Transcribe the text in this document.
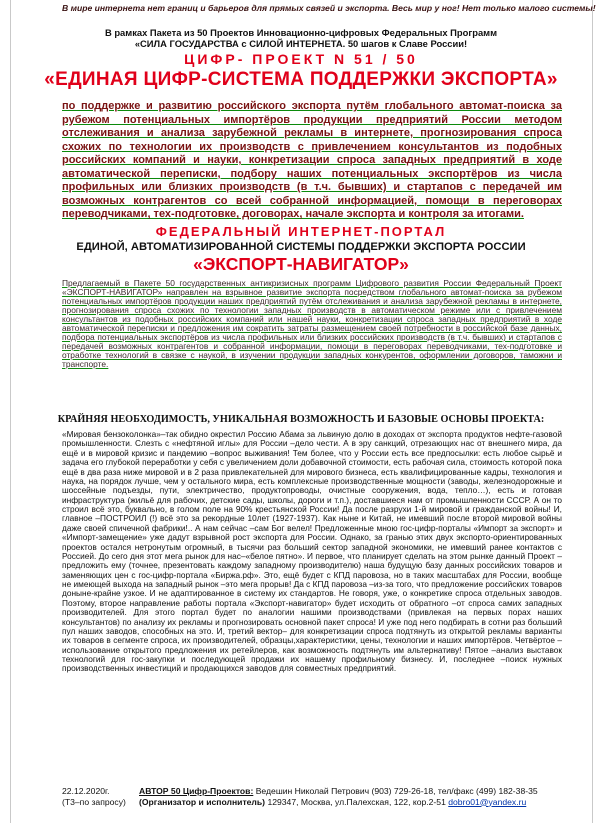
В мире интернета нет границ и барьеров для прямых связей и экспорта. Весь мир у ног! Нет только малого системы!
В рамках Пакета из 50 Проектов Инновационно-цифровых Федеральных Программ
«СИЛА ГОСУДАРСТВА с СИЛОЙ ИНТЕРНЕТА. 50 шагов к Славе России!
ЦИФР- ПРОЕКТ N 51 / 50
«ЕДИНАЯ ЦИФР-СИСТЕМА ПОДДЕРЖКИ ЭКСПОРТА»
по поддержке и развитию российского экспорта путём глобального автомат-поиска за рубежом потенциальных импортёров продукции предприятий России методом отслеживания и анализа зарубежной рекламы в интернете, прогнозирования спроса схожих по технологии их производств с привлечением консультантов из подобных российских компаний и науки, конкретизации спроса западных предприятий в ходе автоматической переписки, подбору наших потенциальных экспортёров из числа профильных или близких производств (в т.ч. бывших) и стартапов с передачей им возможных контрагентов со всей собранной информацией, помощи в переговорах переводчиками, тех-подготовке, договорах, начале экспорта и контроля за итогами.
ФЕДЕРАЛЬНЫЙ ИНТЕРНЕТ-ПОРТАЛ
ЕДИНОЙ, АВТОМАТИЗИРОВАННОЙ СИСТЕМЫ ПОДДЕРЖКИ ЭКСПОРТА РОССИИ
«ЭКСПОРТ-НАВИГАТОР»
Предлагаемый в Пакете 50 государственных антикризисных программ Цифрового развития России Федеральный Проект «ЭКСПОРТ-НАВИГАТОР» направлен на взрывное развитие экспорта посредством глобального автомат-поиска за рубежом потенциальных импортёров продукции наших предприятий путём отслеживания и анализа зарубежной рекламы в интернете, прогнозирования спроса схожих по технологии западных производств в автоматическом режиме или с привлечением консультантов из подобных российских компаний или нашей науки, конкретизации спроса западных предприятий в ходе автоматической переписки и предложения им сократить затраты размещением своей потребности в российской базе данных, подбора потенциальных экспортёров из числа профильных или близких российских производств (в т.ч. бывших) и стартапов с передачей возможных контрагентов и собранной информации, помощи в переговорах переводчиками, тех-подготовке и отработке технологий в связке с наукой, в изучении продукции западных конкурентов, оформлении договоров, таможни и транспорте.
КРАЙНЯЯ НЕОБХОДИМОСТЬ, УНИКАЛЬНАЯ ВОЗМОЖНОСТЬ И БАЗОВЫЕ ОСНОВЫ ПРОЕКТА:
«Мировая бензоколонка»–так обидно окрестил Россию Абама за львиную долю в доходах от экспорта продуктов нефте-газовой промышленности. Слезть с «нефтяной иглы» для России –дело чести. А в эру санкций, отрезающих нас от внешнего мира, да ещё и в мировой кризис и пандемию –вопрос выживания! Тем более, что у России есть все предпосылки: есть любое сырьё и задача его глубокой переработки у себя с увеличением доли добавочной стоимости, есть рабочая сила, стоимость которой пока ещё в два раза ниже мировой и в 2 раза привлекательней для мирового бизнеса, есть квалифицированные кадры, технология и наука, на порядок лучше, чем у остального мира, есть комплексные производственные мощности (заводы, железнодорожные и шоссейные подъезды, пути, электричество, продуктопроводы, очистные сооружения, вода, тепло…), есть и готовая инфраструктура (жильё для рабочих, детские сады, школы, дороги и т.п.), доставшиеся нам от промышленности СССР. А он то строил всё это, буквально, в голом поле на 90% крестьянской России! Да после разрухи 1-й мировой и гражданской войны! И, главное –ПОСТРОИЛ (!) всё это за рекордные 10лет (1927-1937). Как ныне и Китай, не имевший после второй мировой войны даже своей спичечной фабрики!.. А нам сейчас –сам Бог велел! Предложенные мною гос-цифр-порталы «Импорт за экспорт» и «Импорт-замещение» уже дадут взрывной рост экспорта для России. Однако, за гранью этих двух экспорто-ориентированных проектов остался нетронутым огромный, в тысячи раз больший сектор западной экономики, не имевший ранее контактов с Россией. До сего дня этот мега рынок для нас–«белое пятно». И первое, что планирует сделать на этом рынке данный Проект –предложить ему (точнее, презентовать каждому западному производителю) наша будущую базу данных российских товаров и заменяющих цен с гос-цифр-портала «Биржа.рф». Это, ещё будет с КПД паровоза, но в таких масштабах для России, вообще не имеющей выхода на западный рынок –это мега прорыв! Да с КПД паровоза –из-за того, что предложение российских товаров доныне-крайне узкое. И не адаптированное в систему их стандартов. Не говоря, уже, о конкретике спроса отдельных заводов. Поэтому, второе направление работы портала «Экспорт-навигатор» будет исходить от обратного –от спроса самих западных производителей. Для этого портал будет по аналогии нашими производствами (привлекая на первых порах наших консультантов) по анализу их рекламы и прогнозировать основной пакет спроса! И уже под него подбирать в сотни раз больший пул наших заводов, способных на это. И, третий вектор– для конкретизации спроса подтянуть из открытой рекламы варианты их товаров в сегменте спроса, их производителей, образцы,характеристики, цены, технологии и наших импортёров. Четвёртое –использование открытого предложения их ретейлеров, как возможность подтянуть им альтернативу! Пятое –анализ выставок технологий для гос-закупки и последующей продажи их нашему профильному бизнесу. И, последнее –поиск нужных производственных инвестиций и продающихся заводов для совместных предприятий.
22.12.2020г.
(Т3–по запросу)
АВТОР 50 Цифр-Проектов: Ведешин Николай Петрович (903) 729-26-18, тел/факс (499) 182-38-35
(Организатор и исполнитель) 129347, Москва, ул.Палехская, 122, кор.2-51 dobro01@yandex.ru
